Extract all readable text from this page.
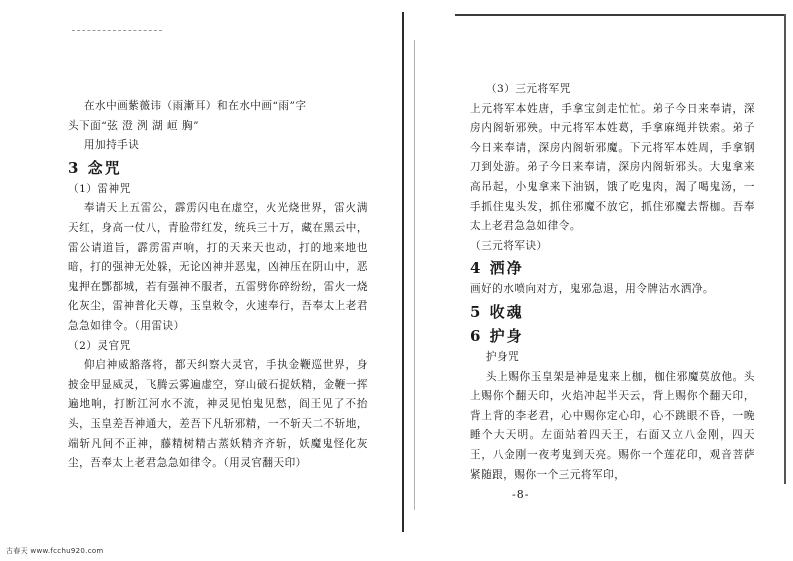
在水中画紫薇讳（雨漸耳）和在水中画“雨”字

头下面“弦 澄 洌 湖 峘 胸”

用加持手诀

3 念咒

（1）雷神咒

奉请天上五雷公，霹雳闪电在虚空，火光烧世界，雷火满天红，身高一仗八，青脸带红发，统兵三十万，藏在黑云中，雷公请道旨，霹雳雷声响，打的天来天也动，打的地来地也暗，打的强神无处躲，无论凶神并恶鬼，凶神压在阴山中，恶鬼押在酆都城，若有强神不服者，五雷劈你碎纷纷，雷火一烧化灰尘，雷神普化天尊，玉皇敕令，火速奉行，吾奉太上老君急急如律令。（用雷诀）

（2）灵官咒

仰启神威豁落将，都天纠察大灵官，手执金鞭巡世界，身披金甲显威灵，飞腾云雾遍虚空，穿山破石捉妖精，金鞭一挥遍地响，打断江河水不流，神灵见怕鬼见愁，阎王见了不抬头，玉皇差吾神通大，差吾下凡斩邪精，一不斩天二不斩地，端斩凡间不正神，藤精树精古蒸妖精齐齐斩，妖魔鬼怪化灰尘，吾奉太上老君急急如律令。（用灵官翻天印）

（3）三元将军咒

上元将军本姓唐，手拿宝剑走忙忙。弟子今日来奉请，深房内阁斩邪殃。中元将军本姓葛，手拿麻绳并铁索。弟子今日来奉请，深房内阁斩邪魔。下元将军本姓周，手拿钢刀到处游。弟子今日来奉请，深房内阁斩邪头。大鬼拿来高吊起，小鬼拿来下油锅，饿了吃鬼肉，渴了喝鬼汤，一手抓住鬼头发，抓住邪魔不放它，抓住邪魔去帮枷。吾奉太上老君急急如律令。

（三元将军诀）

4 洒净

画好的水喷向对方，鬼邪急退，用令牌沾水洒净。

5 收魂

6 护身

护身咒

头上赐你玉皇架是神是鬼来上枷，枷住邪魔莫放他。头上赐你个翻天印，火焰冲起半天云，背上赐你个翻天印，背上背的李老君，心中赐你定心印，心不跳眼不昏，一晚睡个大天明。左面站着四天王，右面又立八金刚，四天王，八金刚一夜考鬼到天亮。赐你一个莲花印，观音菩萨紧随跟，赐你一个三元将军印，

-8-
古春天 www.fcchu920.com
